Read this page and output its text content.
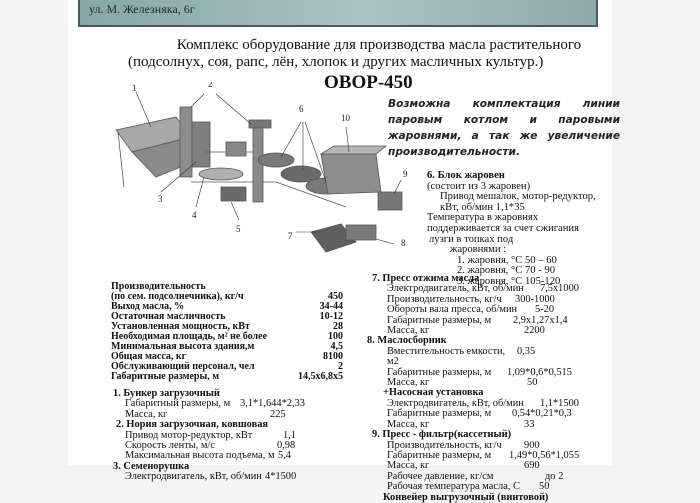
ул. М. Железняка, 6г
Комплекс оборудование для производства масла растительного
(подсолнух, соя, рапс, лён, хлопок и других масличных культур.)
ОВОР-450
1	2
3
4
5
6
7
8
9
10
Возможна комплектация линии паровым котлом и паровыми жаровнями, а так же увеличение производительности.
6. Блок жаровен
(состоит из 3 жаровен)
Привод мешалок, мотор-редуктор,
кВт, об/мин 1,1*35
Температура в жаровнях
поддерживается за счет сжигания
лузги в топках под
жаровнями :
1. жаровня, °С 50 – 60
2. жаровня, °С 70 - 90
3. жаровня, °С 105-120
Производительность
(по сем. подсолнечника), кг/ч	450
Выход масла, %	34-44
Остаточная масличность	10-12
Установленная мощность, кВт	28
Необходимая площадь, м² не более	100
Минимальная высота здания,м	4,5
Общая масса, кг	8100
Обслуживающий персонал, чел	2
Габаритные размеры, м	14,5х6,8х5
1. Бункер загрузочный
Габаритный размеры, м 3,1*1,644*2,33
Масса, кг	225
2. Нория загрузочная, ковшовая
Привод мотор-редуктор, кВт	1,1
Скорость ленты, м/с	0,98
Максимальная высота подъема, м 5,4
3. Семенорушка
Электродвигатель, кВт, об/мин 4*1500
7. Пресс отжима масла
Электродвигатель, кВт, об/мин	7,5х1000
Производительность, кг/ч	300-1000
Обороты вала пресса, об/мин	5-20
Габаритные размеры, м	2,9х1,27х1,4
Масса, кг	2200
8. Маслосборник
Вместительность емкости, м2
0,35
Габаритные размеры, м	1,09*0,6*0,515
Масса, кг	50
+Насосная установка
Электродвигатель, кВт, об/мин	1,1*1500
Габаритные размеры, м	0,54*0,21*0,3
Масса, кг	33
9. Пресс - фильтр(кассетный)
Производительность, кг/ч	900
Габаритные размеры, м	1,49*0,56*1,055
Масса, кг	690
Рабочее давление, кг/см	до 2
Рабочая температура масла, С	50
Конвейер выгрузочный (винтовой)
